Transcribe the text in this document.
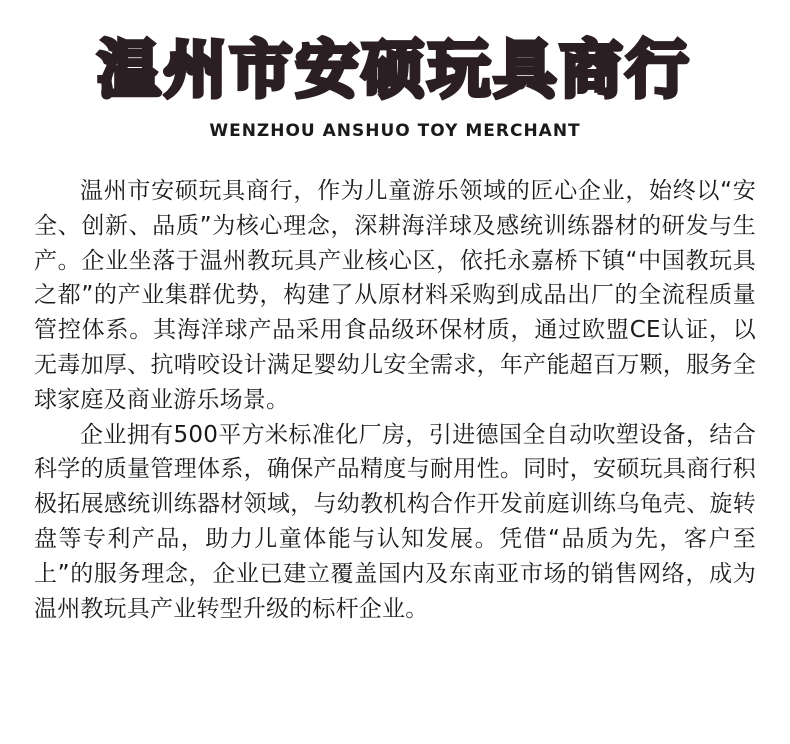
温州市安硕玩具商行
WENZHOU ANSHUO TOY MERCHANT

温州市安硕玩具商行，作为儿童游乐领域的匠心企业，始终以“安全、创新、品质”为核心理念，深耕海洋球及感统训练器材的研发与生产。企业坐落于温州教玩具产业核心区，依托永嘉桥下镇“中国教玩具之都”的产业集群优势，构建了从原材料采购到成品出厂的全流程质量管控体系。其海洋球产品采用食品级环保材质，通过欧盟CE认证，以无毒加厚、抗啃咬设计满足婴幼儿安全需求，年产能超百万颗，服务全球家庭及商业游乐场景。

企业拥有500平方米标准化厂房，引进德国全自动吹塑设备，结合科学的质量管理体系，确保产品精度与耐用性。同时，安硕玩具商行积极拓展感统训练器材领域，与幼教机构合作开发前庭训练乌龟壳、旋转盘等专利产品，助力儿童体能与认知发展。凭借“品质为先，客户至上”的服务理念，企业已建立覆盖国内及东南亚市场的销售网络，成为温州教玩具产业转型升级的标杆企业。
